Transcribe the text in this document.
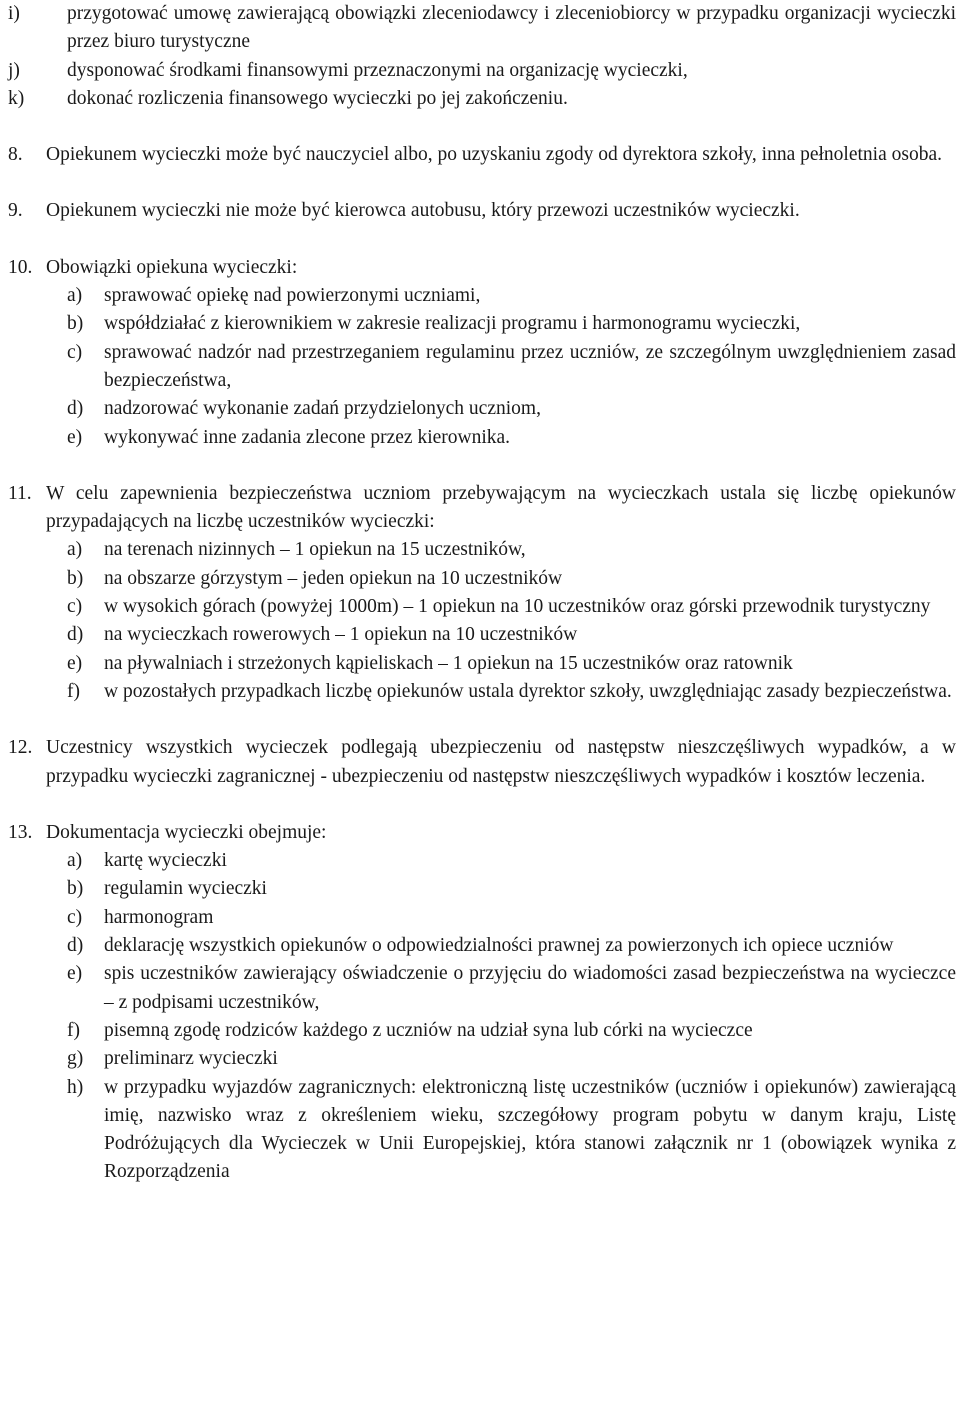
i)	przygotować umowę zawierającą obowiązki zleceniodawcy i zleceniobiorcy w przypadku organizacji wycieczki przez biuro turystyczne
j)	dysponować środkami finansowymi przeznaczonymi na organizację wycieczki,
k)	dokonać rozliczenia finansowego wycieczki po jej zakończeniu.
8.	Opiekunem wycieczki może być nauczyciel albo, po uzyskaniu zgody od dyrektora szkoły, inna pełnoletnia osoba.
9.	Opiekunem wycieczki nie może być kierowca autobusu, który przewozi uczestników wycieczki.
10. Obowiązki opiekuna wycieczki:
a)	sprawować opiekę nad powierzonymi uczniami,
b)	współdziałać z kierownikiem w zakresie realizacji programu i harmonogramu wycieczki,
c)	sprawować nadzór nad przestrzeganiem regulaminu przez uczniów, ze szczególnym uwzględnieniem zasad bezpieczeństwa,
d)	nadzorować wykonanie zadań przydzielonych uczniom,
e)	wykonywać inne zadania zlecone przez kierownika.
11. W celu zapewnienia bezpieczeństwa uczniom przebywającym na wycieczkach ustala się liczbę opiekunów przypadających na liczbę uczestników wycieczki:
a)	na terenach nizinnych – 1 opiekun na 15 uczestników,
b)	na obszarze górzystym – jeden opiekun na 10 uczestników
c)	w wysokich górach (powyżej 1000m) – 1 opiekun na 10 uczestników oraz górski przewodnik turystyczny
d)	na wycieczkach rowerowych – 1 opiekun na 10 uczestników
e)	na pływalniach i strzeżonych kąpieliskach – 1 opiekun na 15 uczestników oraz ratownik
f)	w pozostałych przypadkach liczbę opiekunów ustala dyrektor szkoły, uwzględniając zasady bezpieczeństwa.
12. Uczestnicy wszystkich wycieczek podlegają ubezpieczeniu od następstw nieszczęśliwych wypadków, a w przypadku wycieczki zagranicznej - ubezpieczeniu od następstw nieszczęśliwych wypadków i kosztów leczenia.
13. Dokumentacja wycieczki obejmuje:
a)	kartę wycieczki
b)	regulamin wycieczki
c)	harmonogram
d)	deklarację wszystkich opiekunów o odpowiedzialności prawnej za powierzonych ich opiece uczniów
e)	spis uczestników zawierający oświadczenie o przyjęciu do wiadomości zasad bezpieczeństwa na wycieczce – z podpisami uczestników,
f)	pisemną zgodę rodziców każdego z uczniów na udział syna lub córki na wycieczce
g)	preliminarz wycieczki
h)	w przypadku wyjazdów zagranicznych: elektroniczną listę uczestników (uczniów i opiekunów) zawierającą imię, nazwisko wraz z określeniem wieku, szczegółowy program pobytu w danym kraju, Listę Podróżujących dla Wycieczek w Unii Europejskiej, która stanowi załącznik nr 1 (obowiązek wynika z Rozporządzenia
